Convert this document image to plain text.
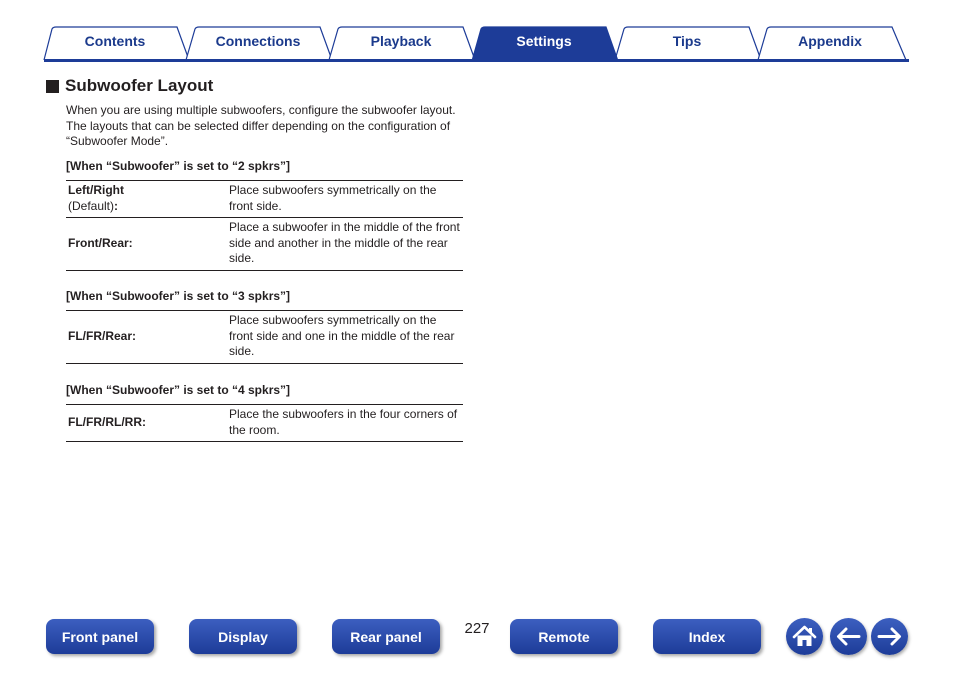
Contents	Connections	Playback	Settings	Tips	Appendix
Subwoofer Layout
When you are using multiple subwoofers, configure the subwoofer layout. The layouts that can be selected differ depending on the configuration of “Subwoofer Mode”.
[When “Subwoofer” is set to “2 spkrs”]
Left/Right
(Default):	Place subwoofers symmetrically on the front side.
Front/Rear:	Place a subwoofer in the middle of the front side and another in the middle of the rear side.
[When “Subwoofer” is set to “3 spkrs”]
FL/FR/Rear:	Place subwoofers symmetrically on the front side and one in the middle of the rear side.
[When “Subwoofer” is set to “4 spkrs”]
FL/FR/RL/RR:	Place the subwoofers in the four corners of the room.
Front panel	Display	Rear panel	227	Remote	Index
